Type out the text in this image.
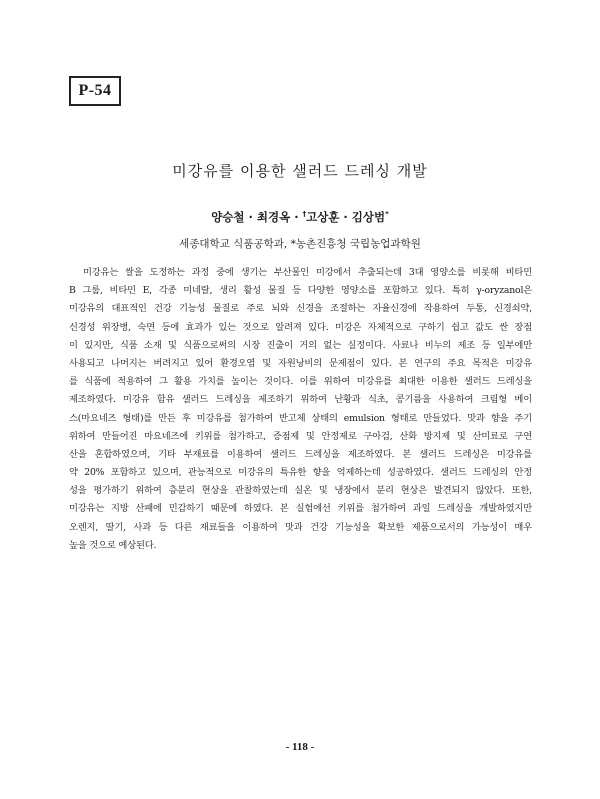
P-54
미강유를 이용한 샐러드 드레싱 개발
양승철 · 최경옥 · †고상훈 · 김상범*
세종대학교 식품공학과, *농촌진흥청 국립농업과학원
미강유는 쌀을 도정하는 과정 중에 생기는 부산물인 미강에서 추출되는데 3대 영양소를 비롯해 비타민
B 그룹, 비타민 E, 각종 미네랄, 생리 활성 물질 등 다양한 영양소를 포함하고 있다. 특히 γ-oryzanol은
미강유의 대표적인 건강 기능성 물질로 주로 뇌와 신경을 조절하는 자율신경에 작용하여 두통, 신경쇠약,
신경성 위장병, 숙면 등에 효과가 있는 것으로 알려져 있다. 미강은 자체적으로 구하기 쉽고 값도 싼 장점
이 있지만, 식품 소재 및 식품으로써의 시장 진출이 거의 없는 실정이다. 사료나 비누의 제조 등 일부에만
사용되고 나머지는 버려지고 있어 환경오염 및 자원낭비의 문제점이 있다. 본 연구의 주요 목적은 미강유
를 식품에 적용하여 그 활용 가치를 높이는 것이다. 이를 위하여 미강유를 최대한 이용한 샐러드 드레싱을
제조하였다. 미강유 함유 샐러드 드레싱을 제조하기 위하여 난황과 식초, 콩기름을 사용하여 크림형 베이
스(마요네즈 형태)를 만든 후 미강유를 첨가하여 반고체 상태의 emulsion 형태로 만들었다. 맛과 향을 주기
위하여 만들어진 마요네즈에 키위를 첨가하고, 증점제 및 안정제로 구아검, 산화 방지제 및 산미료로 구연
산을 혼합하였으며, 기타 부재료를 이용하여 샐러드 드레싱을 제조하였다. 본 샐러드 드레싱은 미강유를
약 20% 포함하고 있으며, 관능적으로 미강유의 특유한 향을 억제하는데 성공하였다. 샐러드 드레싱의 안정
성을 평가하기 위하여 층분리 현상을 관찰하였는데 실온 및 냉장에서 분리 현상은 발견되지 않았다. 또한,
미강유는 지방 산패에 민감하기 때문에 하였다. 본 실험에선 키위를 첨가하여 과일 드레싱을 개발하였지만
오렌지, 딸기, 사과 등 다른 재료들을 이용하여 맛과 건강 기능성을 확보한 제품으로서의 가능성이 매우
높을 것으로 예상된다.
- 118 -
